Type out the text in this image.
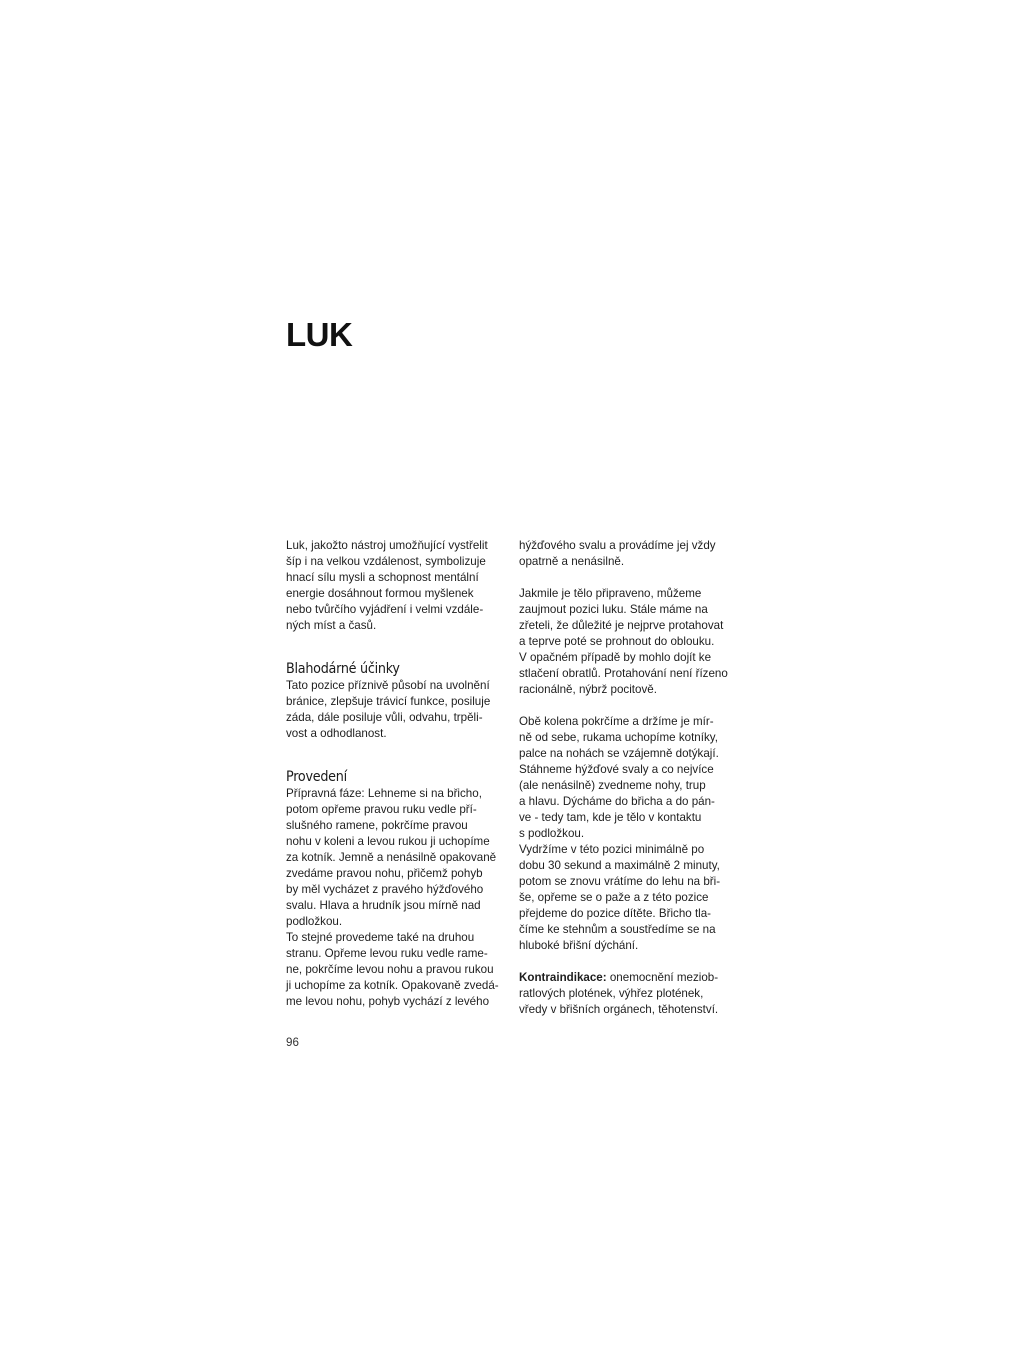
LUK
Luk, jakožto nástroj umožňující vystřelit
šíp i na velkou vzdálenost, symbolizuje
hnací sílu mysli a schopnost mentální
energie dosáhnout formou myšlenek
nebo tvůrčího vyjádření i velmi vzdále-
ných míst a časů.
Blahodárné účinky
Tato pozice příznivě působí na uvolnění
bránice, zlepšuje trávicí funkce, posiluje
záda, dále posiluje vůli, odvahu, trpěli-
vost a odhodlanost.
Provedení
Přípravná fáze: Lehneme si na břicho,
potom opřeme pravou ruku vedle pří-
slušného ramene, pokrčíme pravou
nohu v koleni a levou rukou ji uchopíme
za kotník. Jemně a nenásilně opakovaně
zvedáme pravou nohu, přičemž pohyb
by měl vycházet z pravého hýžďového
svalu. Hlava a hrudník jsou mírně nad
podložkou.
To stejné provedeme také na druhou
stranu. Opřeme levou ruku vedle rame-
ne, pokrčíme levou nohu a pravou rukou
ji uchopíme za kotník. Opakovaně zvedá-
me levou nohu, pohyb vychází z levého
hýžďového svalu a provádíme jej vždy
opatrně a nenásilně.
Jakmile je tělo připraveno, můžeme
zaujmout pozici luku. Stále máme na
zřeteli, že důležité je nejprve protahovat
a teprve poté se prohnout do oblouku.
V opačném případě by mohlo dojít ke
stlačení obratlů. Protahování není řízeno
racionálně, nýbrž pocitově.
Obě kolena pokrčíme a držíme je mír-
ně od sebe, rukama uchopíme kotníky,
palce na nohách se vzájemně dotýkají.
Stáhneme hýžďové svaly a co nejvíce
(ale nenásilně) zvedneme nohy, trup
a hlavu. Dýcháme do břicha a do pán-
ve - tedy tam, kde je tělo v kontaktu
s podložkou.
Vydržíme v této pozici minimálně po
dobu 30 sekund a maximálně 2 minuty,
potom se znovu vrátíme do lehu na bři-
še, opřeme se o paže a z této pozice
přejdeme do pozice dítěte. Břicho tla-
číme ke stehnům a soustředíme se na
hluboké břišní dýchání.
Kontraindikace: onemocnění meziob-
ratlových plotének, výhřez plotének,
vředy v břišních orgánech, těhotenství.
96
